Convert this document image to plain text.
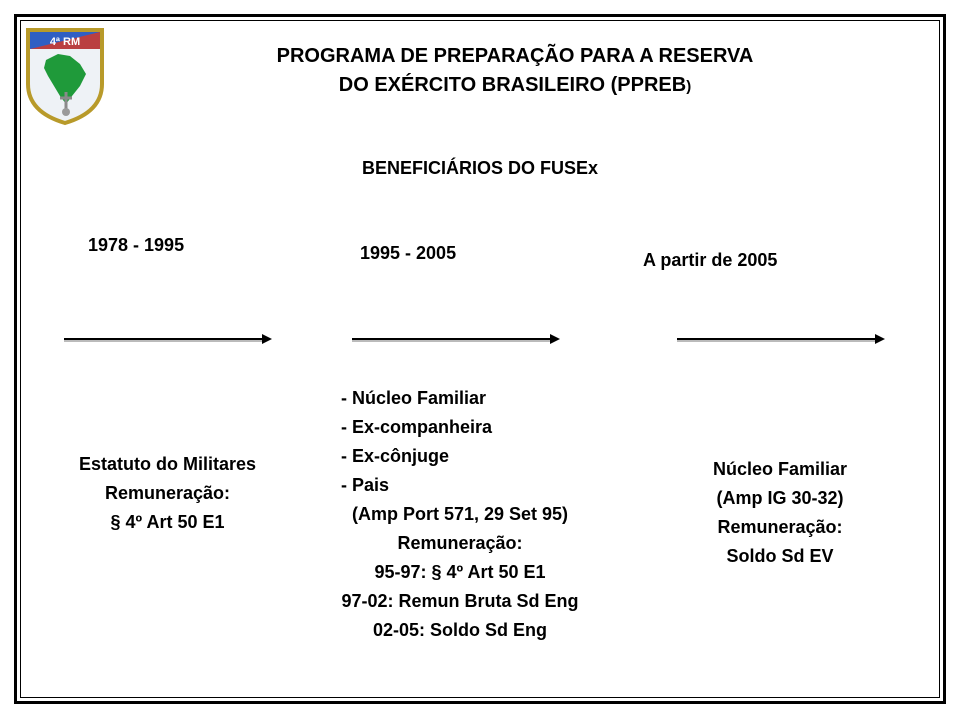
4ª RM
PROGRAMA DE PREPARAÇÃO PARA A RESERVA
DO EXÉRCITO BRASILEIRO (PPREB)
BENEFICIÁRIOS DO FUSEx
1978 - 1995	1995 - 2005	A partir de 2005
Estatuto do Militares
Remuneração:
§ 4º Art 50 E1
- Núcleo Familiar
- Ex-companheira
- Ex-cônjuge
- Pais
(Amp Port 571, 29 Set 95)
Remuneração:
95-97: § 4º Art 50 E1
97-02: Remun Bruta Sd Eng
02-05: Soldo Sd Eng
Núcleo Familiar
(Amp IG 30-32)
Remuneração:
Soldo Sd EV
